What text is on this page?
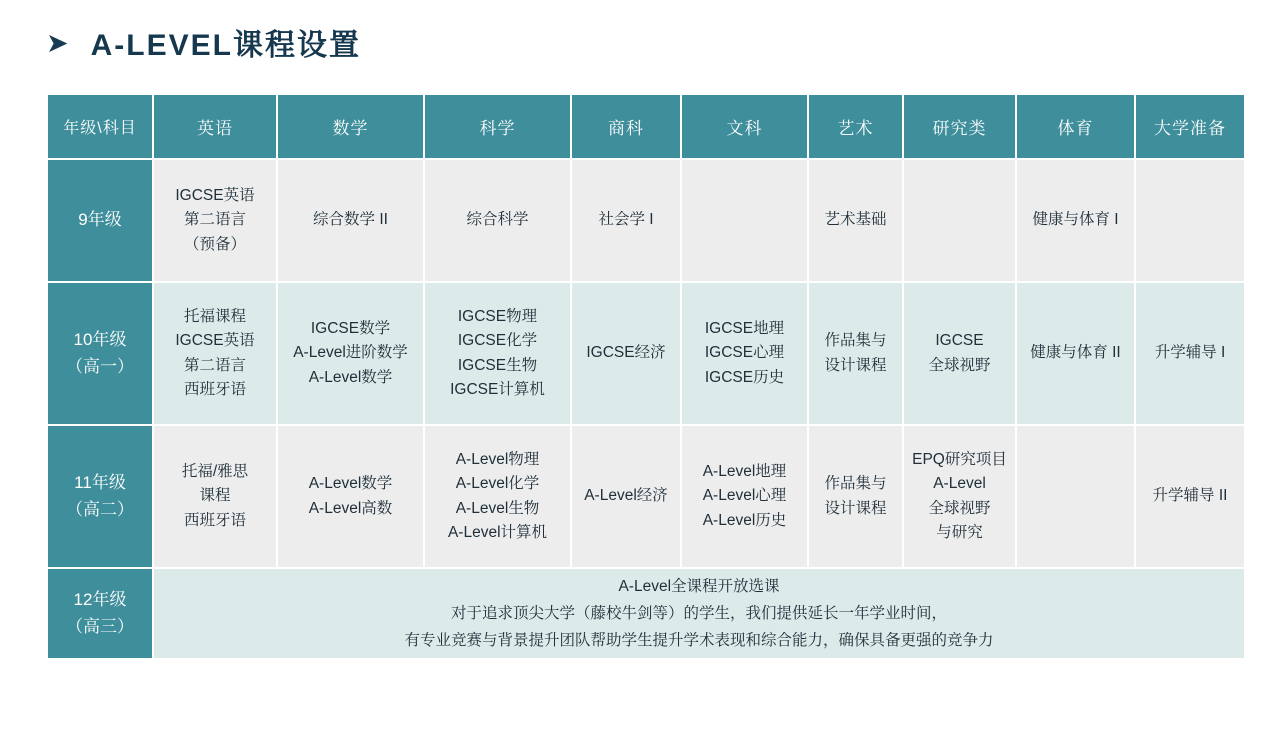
➤ A-LEVEL课程设置
年级\科目	英语	数学	科学	商科	文科	艺术	研究类	体育	大学准备
9年级	IGCSE英语
第二语言
（预备）	综合数学 II	综合科学	社会学 I		艺术基础		健康与体育 I	

10年级
（高一）	托福课程
IGCSE英语
第二语言
西班牙语	IGCSE数学
A-Level进阶数学
A-Level数学	IGCSE物理
IGCSE化学
IGCSE生物
IGCSE计算机	IGCSE经济	IGCSE地理
IGCSE心理
IGCSE历史	作品集与
设计课程	IGCSE
全球视野	健康与体育 II	升学辅导 I

11年级
（高二）	托福/雅思
课程
西班牙语	A-Level数学
A-Level高数	A-Level物理
A-Level化学
A-Level生物
A-Level计算机	A-Level经济	A-Level地理
A-Level心理
A-Level历史	作品集与
设计课程	EPQ研究项目
A-Level
全球视野
与研究		升学辅导 II

12年级
（高三）	A-Level全课程开放选课
对于追求顶尖大学（藤校牛剑等）的学生，我们提供延长一年学业时间，
有专业竞赛与背景提升团队帮助学生提升学术表现和综合能力，确保具备更强的竞争力								
